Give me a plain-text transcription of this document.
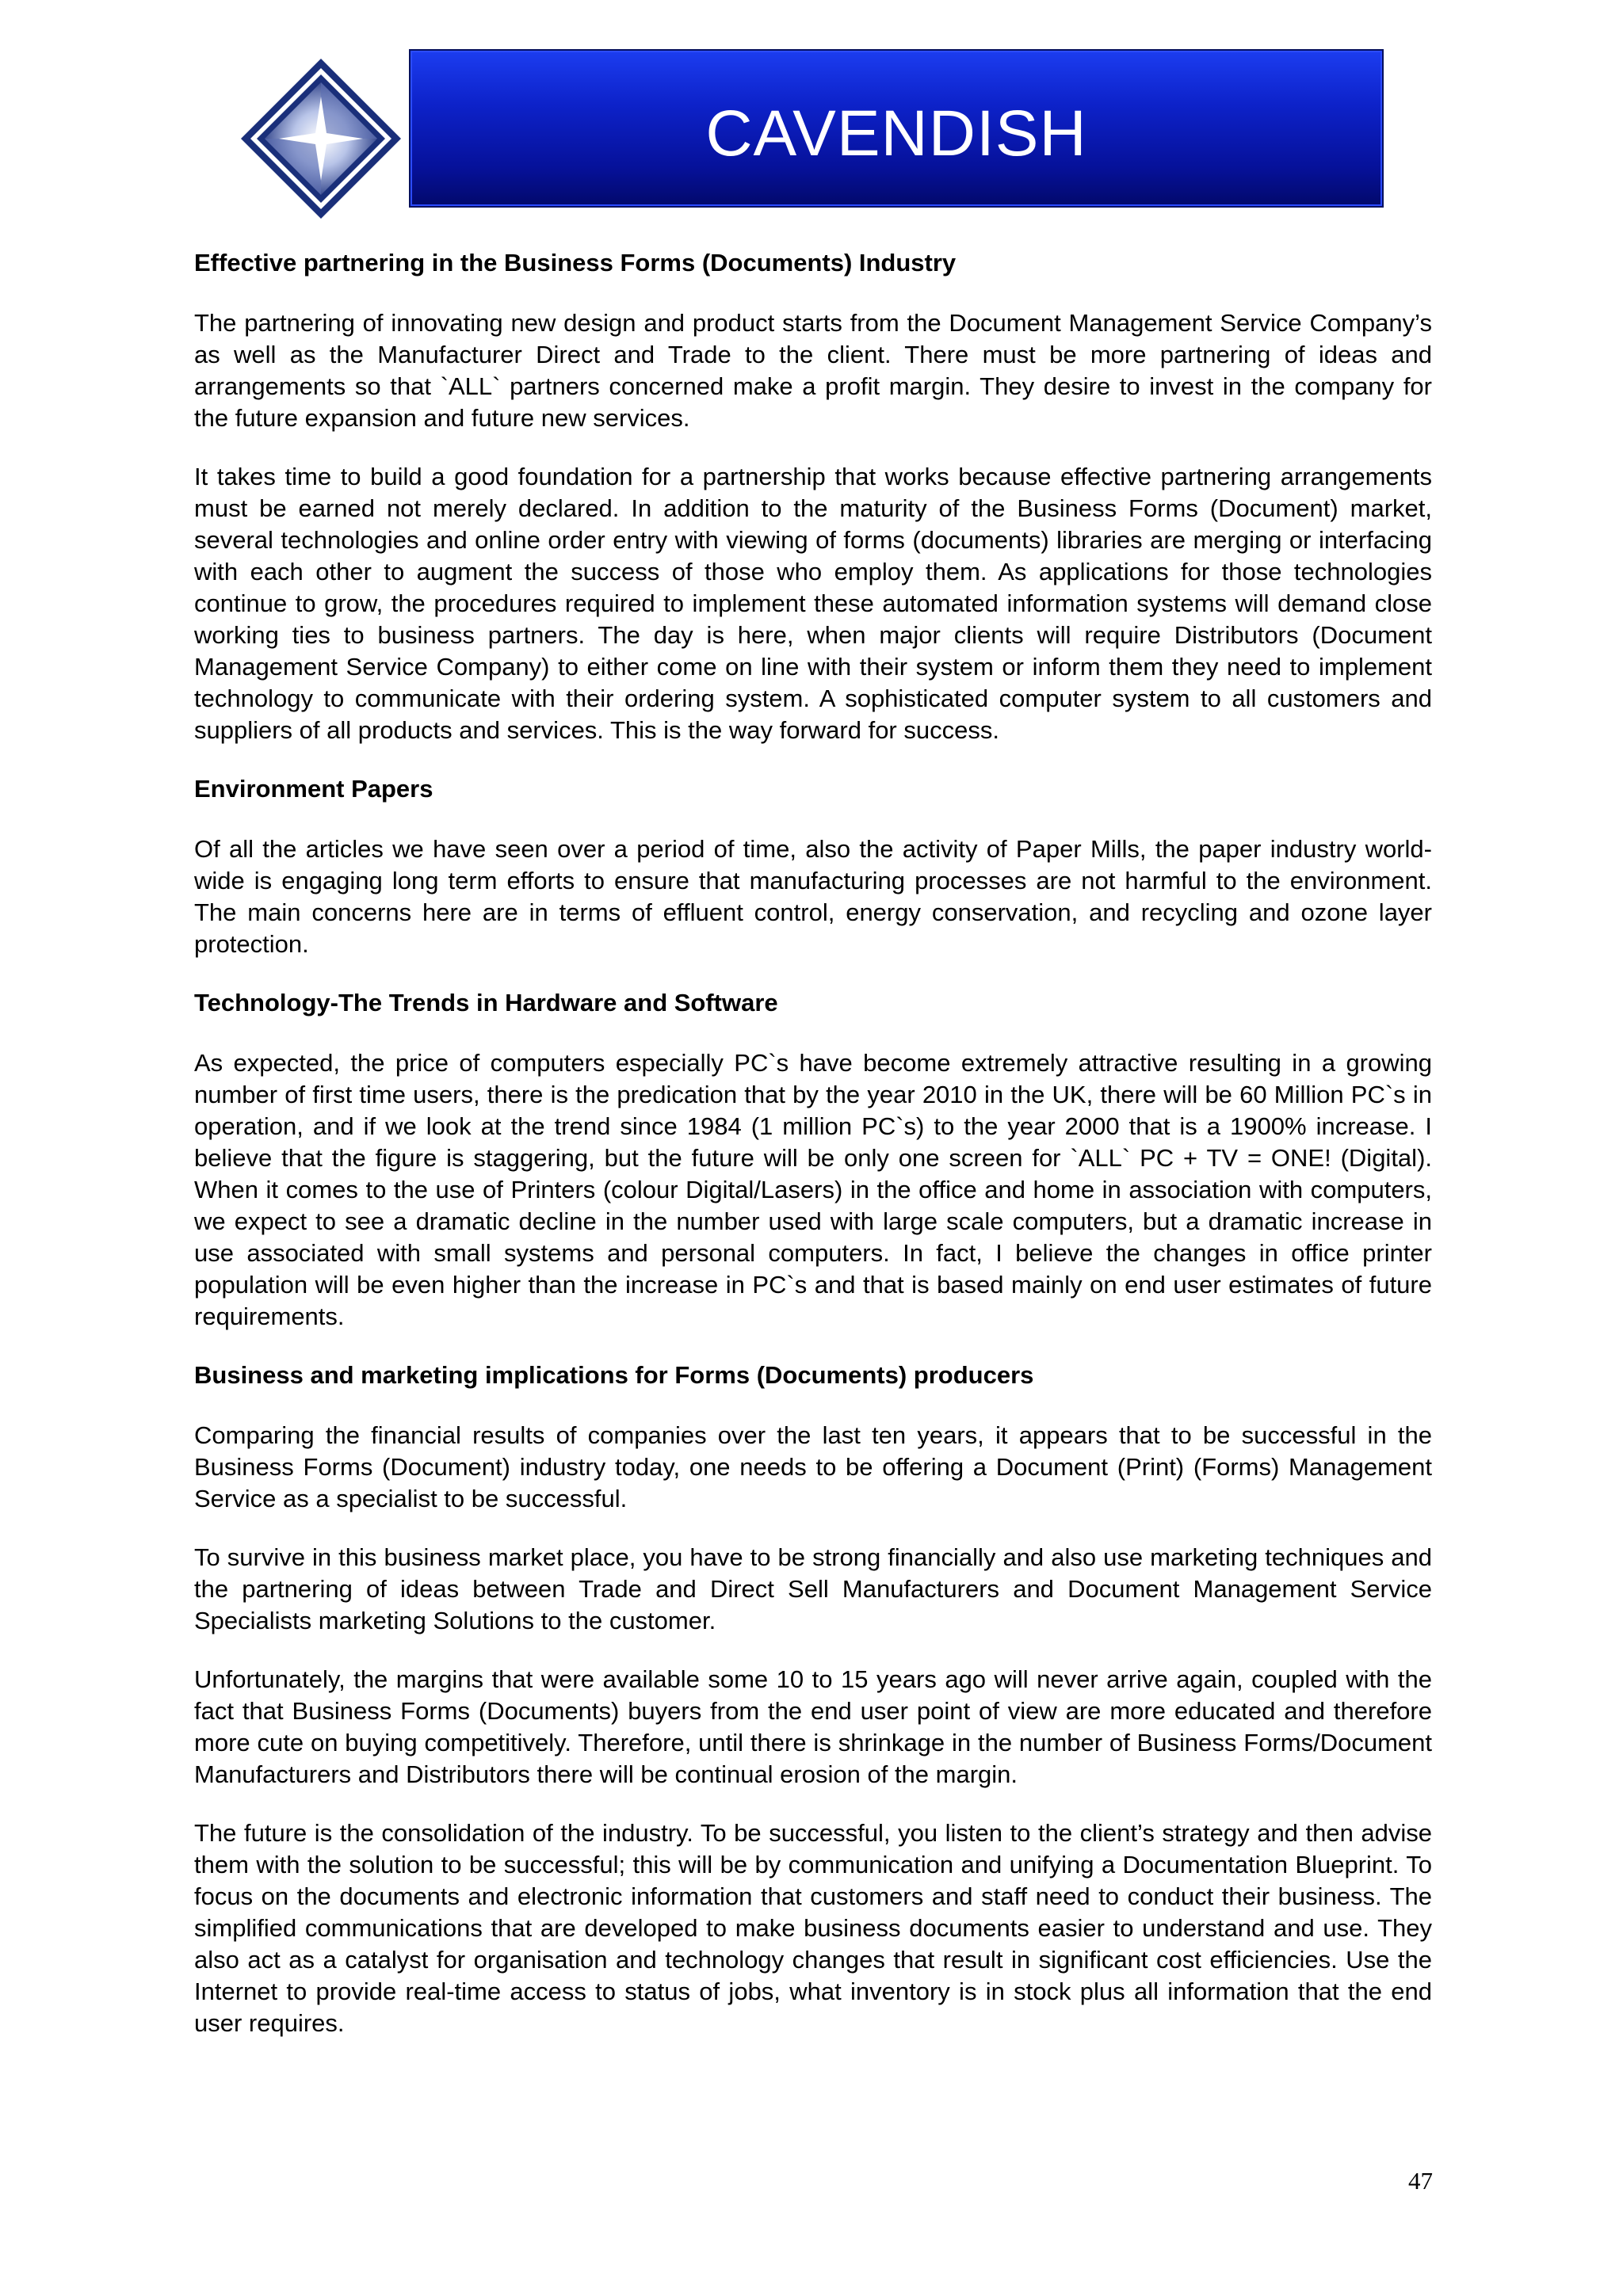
CAVENDISH
Effective partnering in the Business Forms (Documents) Industry

The partnering of innovating new design and product starts from the Document Management Service Company’s as well as the Manufacturer Direct and Trade to the client. There must be more partnering of ideas and arrangements so that `ALL` partners concerned make a profit margin. They desire to invest in the company for the future expansion and future new services.

It takes time to build a good foundation for a partnership that works because effective partnering arrangements must be earned not merely declared. In addition to the maturity of the Business Forms (Document) market, several technologies and online order entry with viewing of forms (documents) libraries are merging or interfacing with each other to augment the success of those who employ them. As applications for those technologies continue to grow, the procedures required to implement these automated information systems will demand close working ties to business partners. The day is here, when major clients will require Distributors (Document Management Service Company) to either come on line with their system or inform them they need to implement technology to communicate with their ordering system. A sophisticated computer system to all customers and suppliers of all products and services. This is the way forward for success.

Environment Papers

Of all the articles we have seen over a period of time, also the activity of Paper Mills, the paper industry world-wide is engaging long term efforts to ensure that manufacturing processes are not harmful to the environment. The main concerns here are in terms of effluent control, energy conservation, and recycling and ozone layer protection.

Technology-The Trends in Hardware and Software

As expected, the price of computers especially PC`s have become extremely attractive resulting in a growing number of first time users, there is the predication that by the year 2010 in the UK, there will be 60 Million PC`s in operation, and if we look at the trend since 1984 (1 million PC`s) to the year 2000 that is a 1900% increase. I believe that the figure is staggering, but the future will be only one screen for `ALL` PC + TV = ONE! (Digital). When it comes to the use of Printers (colour Digital/Lasers) in the office and home in association with computers, we expect to see a dramatic decline in the number used with large scale computers, but a dramatic increase in use associated with small systems and personal computers. In fact, I believe the changes in office printer population will be even higher than the increase in PC`s and that is based mainly on end user estimates of future requirements.

Business and marketing implications for Forms (Documents) producers

Comparing the financial results of companies over the last ten years, it appears that to be successful in the Business Forms (Document) industry today, one needs to be offering a Document (Print) (Forms) Management Service as a specialist to be successful.

To survive in this business market place, you have to be strong financially and also use marketing techniques and the partnering of ideas between Trade and Direct Sell Manufacturers and Document Management Service Specialists marketing Solutions to the customer.

Unfortunately, the margins that were available some 10 to 15 years ago will never arrive again, coupled with the fact that Business Forms (Documents) buyers from the end user point of view are more educated and therefore more cute on buying competitively. Therefore, until there is shrinkage in the number of Business Forms/Document Manufacturers and Distributors there will be continual erosion of the margin.

The future is the consolidation of the industry. To be successful, you listen to the client’s strategy and then advise them with the solution to be successful; this will be by communication and unifying a Documentation Blueprint. To focus on the documents and electronic information that customers and staff need to conduct their business. The simplified communications that are developed to make business documents easier to understand and use. They also act as a catalyst for organisation and technology changes that result in significant cost efficiencies. Use the Internet to provide real-time access to status of jobs, what inventory is in stock plus all information that the end user requires.

47
